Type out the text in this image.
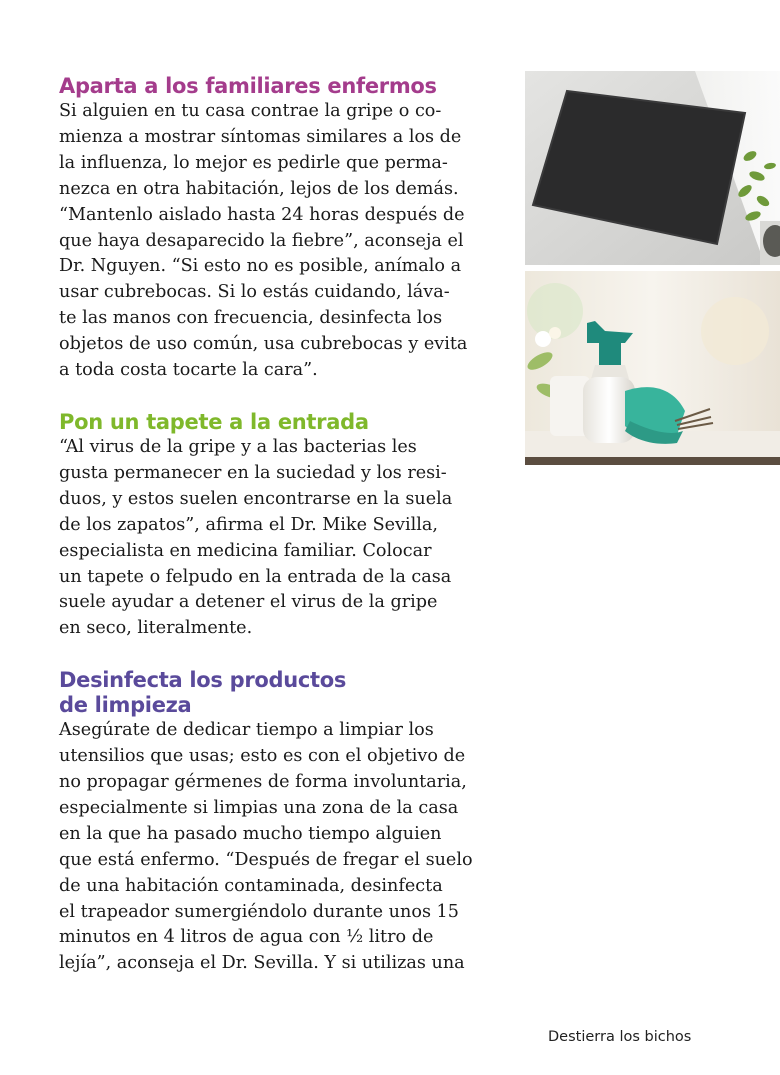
Aparta a los familiares enfermos

Si alguien en tu casa contrae la gripe o co-
mienza a mostrar síntomas similares a los de
la influenza, lo mejor es pedirle que perma-
nezca en otra habitación, lejos de los demás.
“Mantenlo aislado hasta 24 horas después de
que haya desaparecido la fiebre”, aconseja el
Dr. Nguyen. “Si esto no es posible, anímalo a
usar cubrebocas. Si lo estás cuidando, láva-
te las manos con frecuencia, desinfecta los
objetos de uso común, usa cubrebocas y evita
a toda costa tocarte la cara”.

Pon un tapete a la entrada

“Al virus de la gripe y a las bacterias les
gusta permanecer en la suciedad y los resi-
duos, y estos suelen encontrarse en la suela
de los zapatos”, afirma el Dr. Mike Sevilla,
especialista en medicina familiar. Colocar
un tapete o felpudo en la entrada de la casa
suele ayudar a detener el virus de la gripe
en seco, literalmente.

Desinfecta los productos
de limpieza

Asegúrate de dedicar tiempo a limpiar los
utensilios que usas; esto es con el objetivo de
no propagar gérmenes de forma involuntaria,
especialmente si limpias una zona de la casa
en la que ha pasado mucho tiempo alguien
que está enfermo. “Después de fregar el suelo
de una habitación contaminada, desinfecta
el trapeador sumergiéndolo durante unos 15
minutos en 4 litros de agua con ½ litro de
lejía”, aconseja el Dr. Sevilla. Y si utilizas una

Destierra los bichos
